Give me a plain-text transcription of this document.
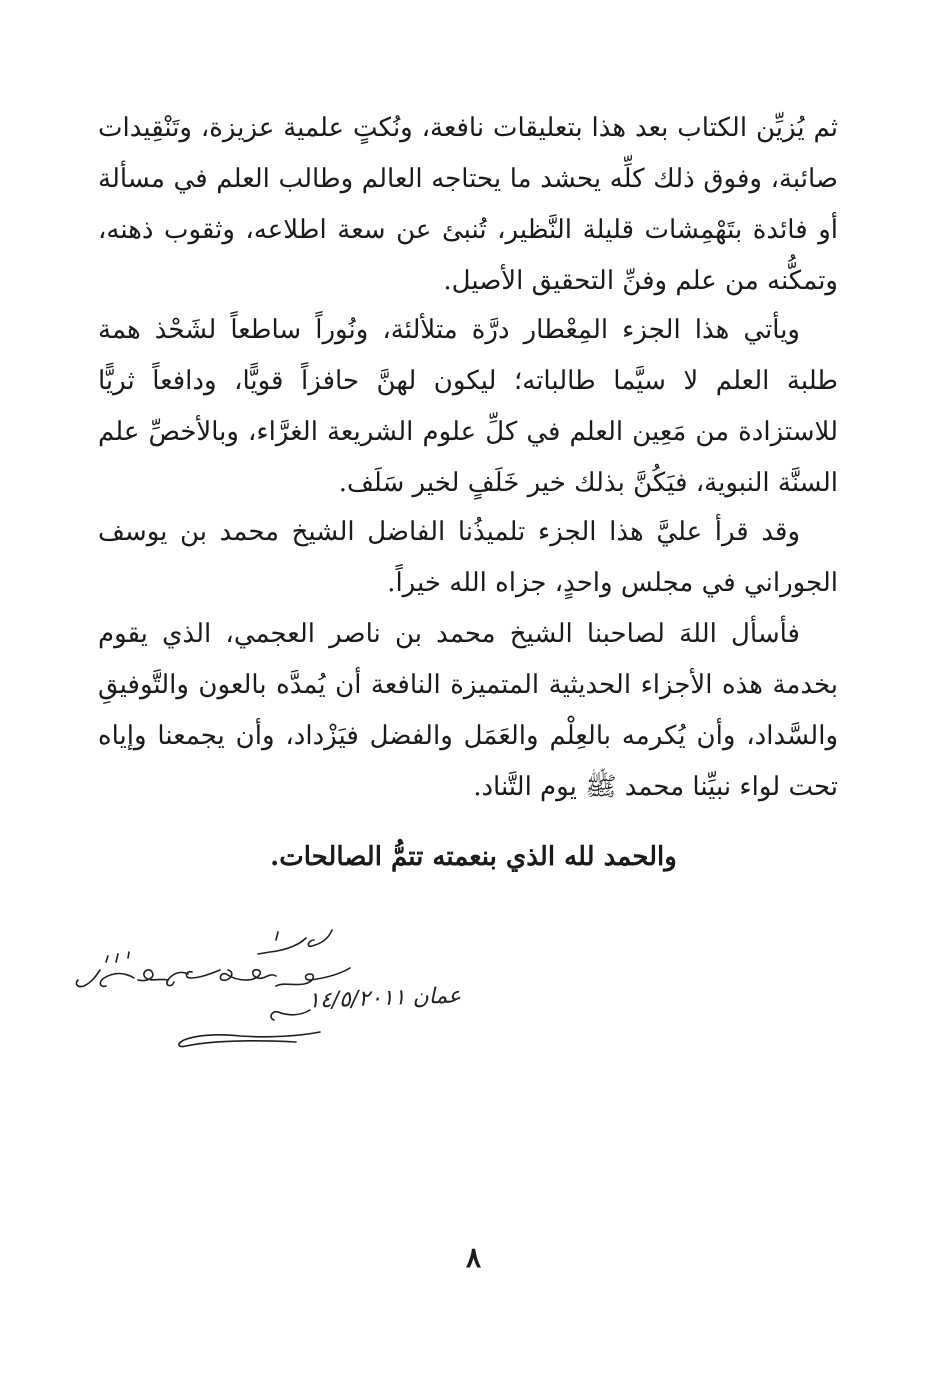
ثم يُزيِّن الكتاب بعد هذا بتعليقات نافعة، ونُكتٍ علمية عزيزة، وتَنْقِيدات صائبة، وفوق ذلك كلِّه يحشد ما يحتاجه العالم وطالب العلم في مسألة أو فائدة بتَهْمِشات قليلة النَّظير، تُنبئ عن سعة اطلاعه، وثقوب ذهنه، وتمكُّنه من علم وفنِّ التحقيق الأصيل.

ويأتي هذا الجزء المِعْطار درَّة متلألئة، ونُوراً ساطعاً لشَحْذ همة طلبة العلم لا سيَّما طالباته؛ ليكون لهنَّ حافزاً قويًّا، ودافعاً ثريًّا للاستزادة من مَعِين العلم في كلِّ علوم الشريعة الغرَّاء، وبالأخصِّ علم السنَّة النبوية، فيَكُنَّ بذلك خير خَلَفٍ لخير سَلَف.

وقد قرأ عليَّ هذا الجزء تلميذُنا الفاضل الشيخ محمد بن يوسف الجوراني في مجلس واحدٍ، جزاه الله خيراً.

فأسأل اللهَ لصاحبنا الشيخ محمد بن ناصر العجمي، الذي يقوم بخدمة هذه الأجزاء الحديثية المتميزة النافعة أن يُمدَّه بالعون والتَّوفيقِ والسَّداد، وأن يُكرمه بالعِلْم والعَمَل والفضل فيَزْداد، وأن يجمعنا وإياه تحت لواء نبيِّنا محمد ﷺ يوم التَّناد.

والحمد لله الذي بنعمته تتمُّ الصالحات.
عمان ١٤/٥/٢٠١١
٨
